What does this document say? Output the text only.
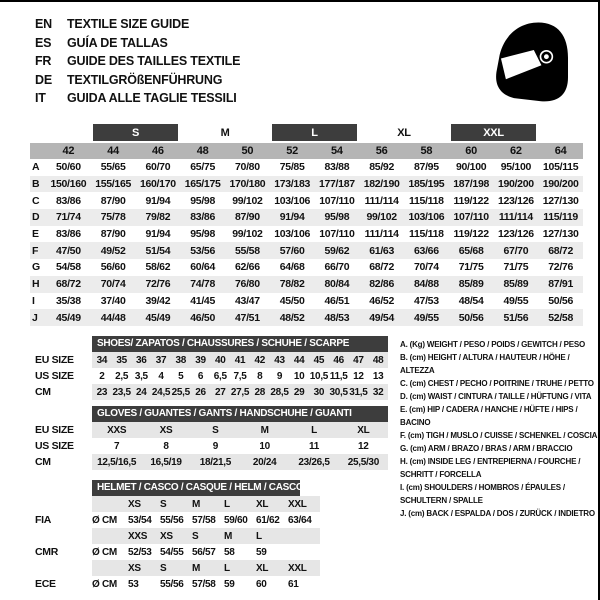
EN	TEXTILE SIZE GUIDE
ES	GUÍA DE TALLAS
FR	GUIDE DES TAILLES TEXTILE
DE	TEXTILGRÖßENFÜHRUNG
IT	GUIDA ALLE TAGLIE TESSILI
S	M	L	XL	XXL
42	44	46	48	50	52	54	56	58	60	62	64
A	50/60	55/65	60/70	65/75	70/80	75/85	83/88	85/92	87/95	90/100	95/100	105/115
B	150/160 155/165 160/170 165/175 170/180 173/183 177/187 182/190 185/195 187/198 190/200 190/200
C	83/86	87/90	91/94	95/98	99/102	103/106 107/110 111/114 115/118 119/122 123/126 127/130
D	71/74	75/78	79/82	83/86	87/90	91/94	95/98	99/102	103/106 107/110 111/114 115/119
E	83/86	87/90	91/94	95/98	99/102	103/106 107/110 111/114 115/118 119/122 123/126 127/130
F	47/50	49/52	51/54	53/56	55/58	57/60	59/62	61/63	63/66	65/68	67/70	68/72
G	54/58	56/60	58/62	60/64	62/66	64/68	66/70	68/72	70/74	71/75	71/75	72/76
H	68/72	70/74	72/76	74/78	76/80	78/82	80/84	82/86	84/88	85/89	85/89	87/91
I	35/38	37/40	39/42	41/45	43/47	45/50	46/51	46/52	47/53	48/54	49/55	50/56
J	45/49	44/48	45/49	46/50	47/51	48/52	48/53	49/54	49/55	50/56	51/56	52/58
SHOES/ ZAPATOS / CHAUSSURES / SCHUHE / SCARPE
EU SIZE	34 35 36 37 38 39 40 41 42 43 44 45 46 47 48
US SIZE	2	2,5 3,5	4	5	6	6,5 7,5	8	9	10 10,5 11,5 12 13
CM	23 23,5 24 24,5 25,5 26 27 27,5 28 28,5 29 30 30,5 31,5 32
GLOVES / GUANTES / GANTS / HANDSCHUHE / GUANTI
EU SIZE	XXS	XS	S	M	L	XL
US SIZE	7	8	9	10	11	12
CM	12,5/16,5	16,5/19	18/21,5	20/24	23/26,5	25,5/30
HELMET / CASCO / CASQUE / HELM / CASCO
XS	S	M	L	XL	XXL
FIA	Ø CM	53/54 55/56 57/58 59/60 61/62 63/64
XXS	XS	S	M	L
CMR	Ø CM	52/53 54/55 56/57 58	59
XS	S	M	L	XL	XXL
ECE	Ø CM	53	55/56 57/58 59	60	61
A. (Kg) WEIGHT / PESO / POIDS / GEWITCH / PESO
B. (cm) HEIGHT / ALTURA / HAUTEUR / HÖHE / ALTEZZA
C. (cm) CHEST / PECHO / POITRINE / TRUHE / PETTO
D. (cm) WAIST / CINTURA / TAILLE / HÜFTUNG / VITA
E. (cm) HIP / CADERA / HANCHE / HÜFTE / HIPS / BACINO
F. (cm) TIGH / MUSLO / CUISSE / SCHENKEL / COSCIA
G. (cm) ARM / BRAZO / BRAS / ARM / BRACCIO
H. (cm) INSIDE LEG / ENTREPIERNA / FOURCHE / SCHRITT / FORCELLA
I. (cm) SHOULDERS / HOMBROS / ÉPAULES / SCHULTERN / SPALLE
J. (cm) BACK / ESPALDA / DOS / ZURÜCK / INDIETRO
